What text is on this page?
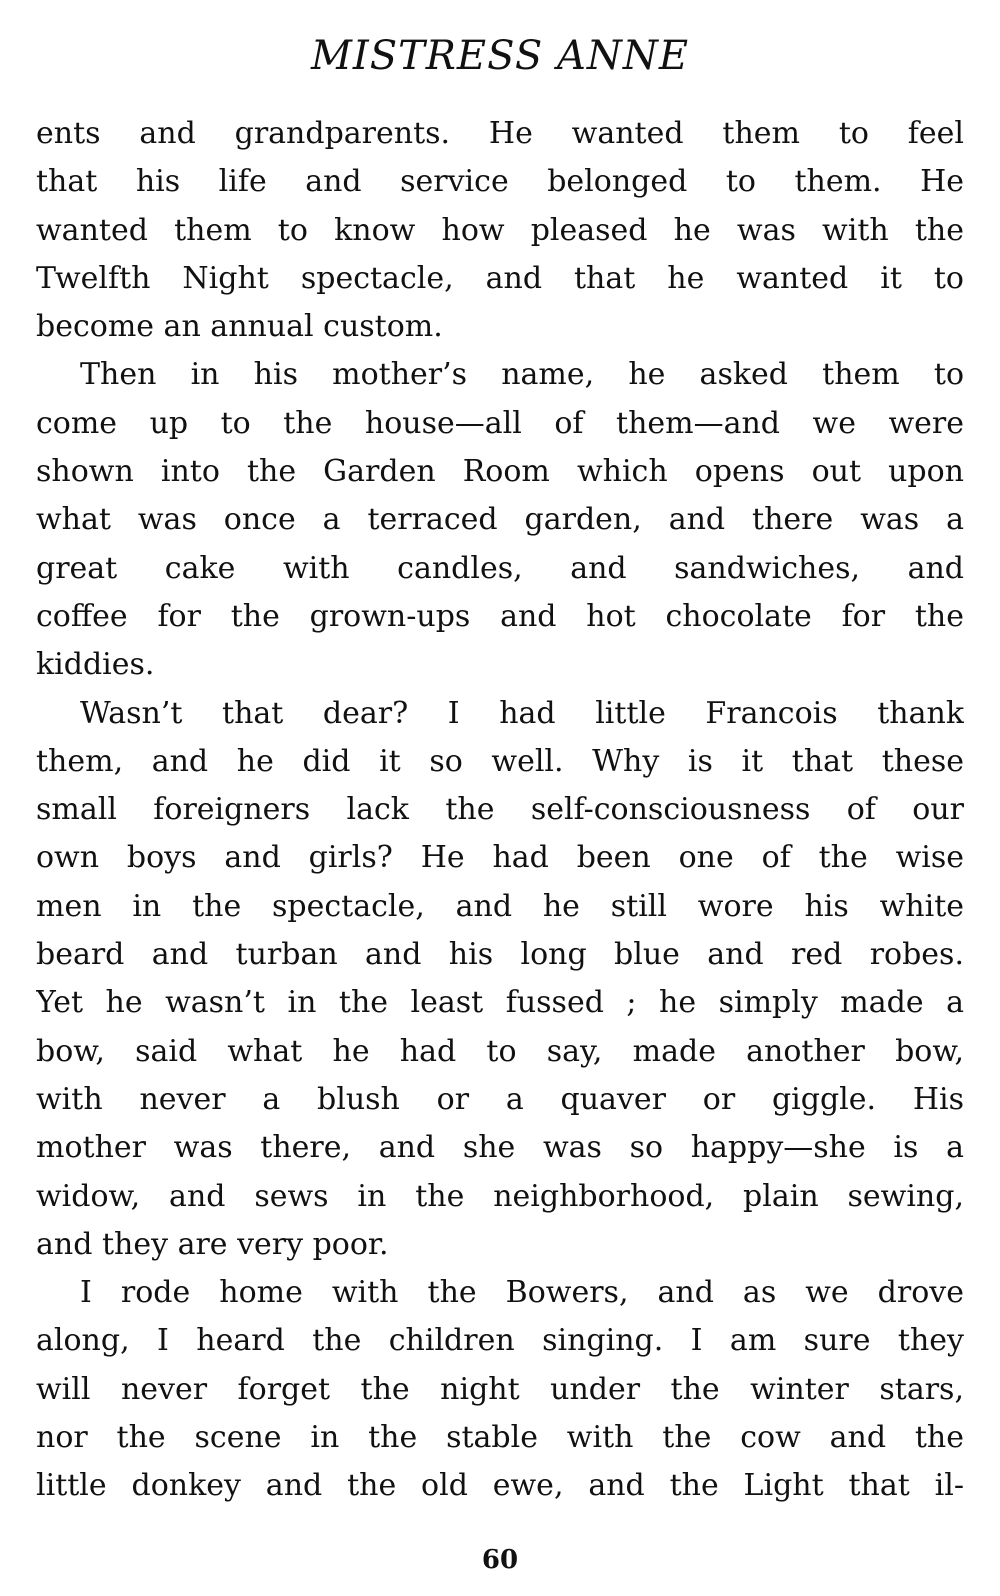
MISTRESS ANNE
ents and grandparents. He wanted them to feel
that his life and service belonged to them. He
wanted them to know how pleased he was with the
Twelfth Night spectacle, and that he wanted it to
become an annual custom.
Then in his mother’s name, he asked them to
come up to the house—all of them—and we were
shown into the Garden Room which opens out upon
what was once a terraced garden, and there was a
great cake with candles, and sandwiches, and
coffee for the grown-ups and hot chocolate for the
kiddies.
Wasn’t that dear? I had little Francois thank
them, and he did it so well. Why is it that these
small foreigners lack the self-consciousness of our
own boys and girls? He had been one of the wise
men in the spectacle, and he still wore his white
beard and turban and his long blue and red robes.
Yet he wasn’t in the least fussed ; he simply made a
bow, said what he had to say, made another bow,
with never a blush or a quaver or giggle. His
mother was there, and she was so happy—she is a
widow, and sews in the neighborhood, plain sewing,
and they are very poor.
I rode home with the Bowers, and as we drove
along, I heard the children singing. I am sure they
will never forget the night under the winter stars,
nor the scene in the stable with the cow and the
little donkey and the old ewe, and the Light that il-
60
